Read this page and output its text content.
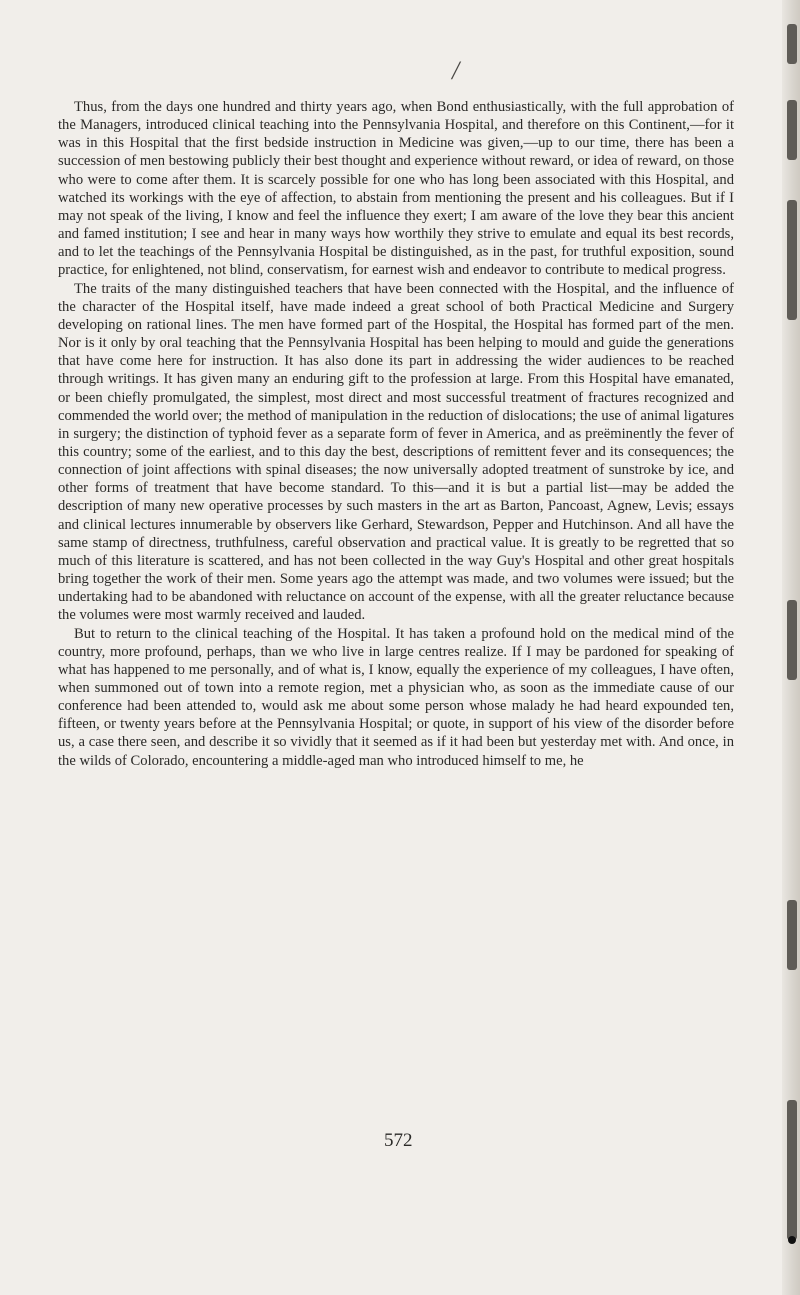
/

Thus, from the days one hundred and thirty years ago, when Bond enthusiastically, with the full approbation of the Managers, introduced clinical teaching into the Pennsylvania Hospital, and therefore on this Continent,—for it was in this Hospital that the first bedside instruction in Medicine was given,—up to our time, there has been a succession of men bestowing publicly their best thought and experience without reward, or idea of reward, on those who were to come after them. It is scarcely possible for one who has long been associated with this Hospital, and watched its workings with the eye of affection, to abstain from mentioning the present and his colleagues. But if I may not speak of the living, I know and feel the influence they exert; I am aware of the love they bear this ancient and famed institution; I see and hear in many ways how worthily they strive to emulate and equal its best records, and to let the teachings of the Pennsylvania Hospital be distinguished, as in the past, for truthful exposition, sound practice, for enlightened, not blind, conservatism, for earnest wish and endeavor to contribute to medical progress.

The traits of the many distinguished teachers that have been connected with the Hospital, and the influence of the character of the Hospital itself, have made indeed a great school of both Practical Medicine and Surgery developing on rational lines. The men have formed part of the Hospital, the Hospital has formed part of the men. Nor is it only by oral teaching that the Pennsylvania Hospital has been helping to mould and guide the generations that have come here for instruction. It has also done its part in addressing the wider audiences to be reached through writings. It has given many an enduring gift to the profession at large. From this Hospital have emanated, or been chiefly promulgated, the simplest, most direct and most successful treatment of fractures recognized and commended the world over; the method of manipulation in the reduction of dislocations; the use of animal ligatures in surgery; the distinction of typhoid fever as a separate form of fever in America, and as preëminently the fever of this country; some of the earliest, and to this day the best, descriptions of remittent fever and its consequences; the connection of joint affections with spinal diseases; the now universally adopted treatment of sunstroke by ice, and other forms of treatment that have become standard. To this—and it is but a partial list—may be added the description of many new operative processes by such masters in the art as Barton, Pancoast, Agnew, Levis; essays and clinical lectures innumerable by observers like Gerhard, Stewardson, Pepper and Hutchinson. And all have the same stamp of directness, truthfulness, careful observation and practical value. It is greatly to be regretted that so much of this literature is scattered, and has not been collected in the way Guy's Hospital and other great hospitals bring together the work of their men. Some years ago the attempt was made, and two volumes were issued; but the undertaking had to be abandoned with reluctance on account of the expense, with all the greater reluctance because the volumes were most warmly received and lauded.

But to return to the clinical teaching of the Hospital. It has taken a profound hold on the medical mind of the country, more profound, perhaps, than we who live in large centres realize. If I may be pardoned for speaking of what has happened to me personally, and of what is, I know, equally the experience of my colleagues, I have often, when summoned out of town into a remote region, met a physician who, as soon as the immediate cause of our conference had been attended to, would ask me about some person whose malady he had heard expounded ten, fifteen, or twenty years before at the Pennsylvania Hospital; or quote, in support of his view of the disorder before us, a case there seen, and describe it so vividly that it seemed as if it had been but yesterday met with. And once, in the wilds of Colorado, encountering a middle-aged man who introduced himself to me, he

572
